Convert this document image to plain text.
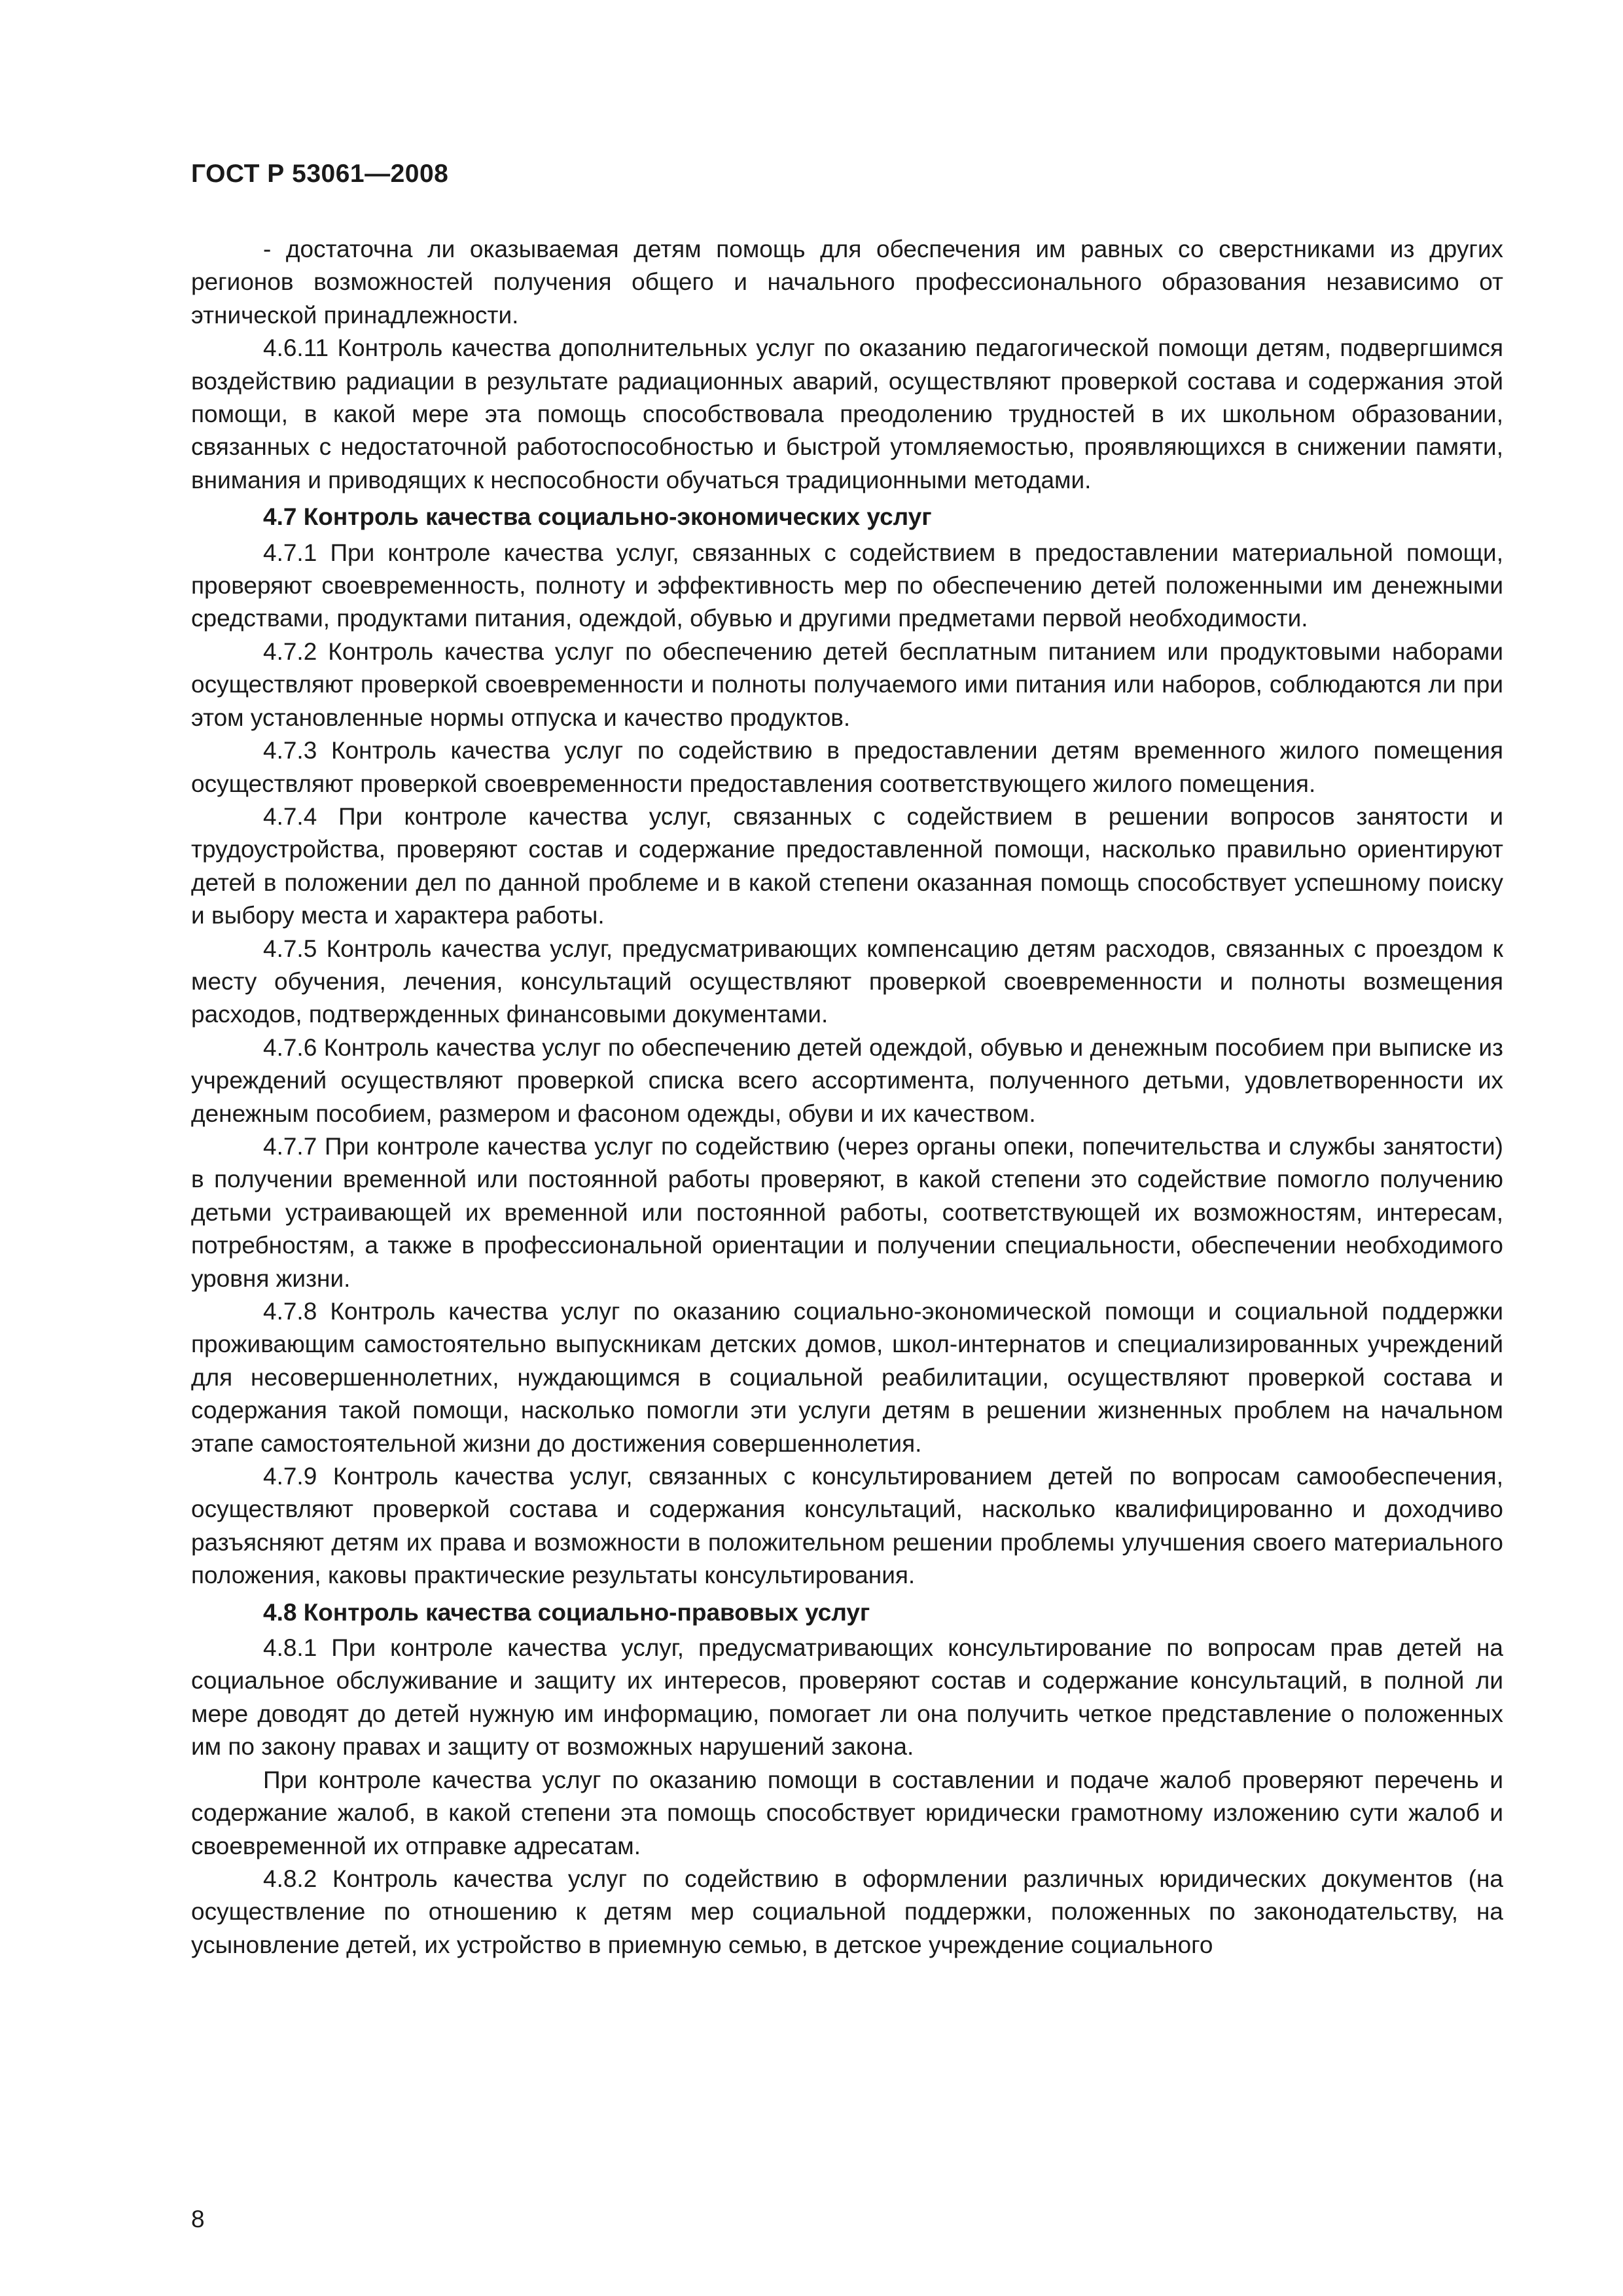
ГОСТ Р 53061—2008

- достаточна ли оказываемая детям помощь для обеспечения им равных со сверстниками из других регионов возможностей получения общего и начального профессионального образования независимо от этнической принадлежности.

4.6.11 Контроль качества дополнительных услуг по оказанию педагогической помощи детям, подвергшимся воздействию радиации в результате радиационных аварий, осуществляют проверкой состава и содержания этой помощи, в какой мере эта помощь способствовала преодолению трудностей в их школьном образовании, связанных с недостаточной работоспособностью и быстрой утомляемостью, проявляющихся в снижении памяти, внимания и приводящих к неспособности обучаться традиционными методами.

4.7 Контроль качества социально-экономических услуг

4.7.1 При контроле качества услуг, связанных с содействием в предоставлении материальной помощи, проверяют своевременность, полноту и эффективность мер по обеспечению детей положенными им денежными средствами, продуктами питания, одеждой, обувью и другими предметами первой необходимости.

4.7.2 Контроль качества услуг по обеспечению детей бесплатным питанием или продуктовыми наборами осуществляют проверкой своевременности и полноты получаемого ими питания или наборов, соблюдаются ли при этом установленные нормы отпуска и качество продуктов.

4.7.3 Контроль качества услуг по содействию в предоставлении детям временного жилого помещения осуществляют проверкой своевременности предоставления соответствующего жилого помещения.

4.7.4 При контроле качества услуг, связанных с содействием в решении вопросов занятости и трудоустройства, проверяют состав и содержание предоставленной помощи, насколько правильно ориентируют детей в положении дел по данной проблеме и в какой степени оказанная помощь способствует успешному поиску и выбору места и характера работы.

4.7.5 Контроль качества услуг, предусматривающих компенсацию детям расходов, связанных с проездом к месту обучения, лечения, консультаций осуществляют проверкой своевременности и полноты возмещения расходов, подтвержденных финансовыми документами.

4.7.6 Контроль качества услуг по обеспечению детей одеждой, обувью и денежным пособием при выписке из учреждений осуществляют проверкой списка всего ассортимента, полученного детьми, удовлетворенности их денежным пособием, размером и фасоном одежды, обуви и их качеством.

4.7.7 При контроле качества услуг по содействию (через органы опеки, попечительства и службы занятости) в получении временной или постоянной работы проверяют, в какой степени это содействие помогло получению детьми устраивающей их временной или постоянной работы, соответствующей их возможностям, интересам, потребностям, а также в профессиональной ориентации и получении специальности, обеспечении необходимого уровня жизни.

4.7.8 Контроль качества услуг по оказанию социально-экономической помощи и социальной поддержки проживающим самостоятельно выпускникам детских домов, школ-интернатов и специализированных учреждений для несовершеннолетних, нуждающимся в социальной реабилитации, осуществляют проверкой состава и содержания такой помощи, насколько помогли эти услуги детям в решении жизненных проблем на начальном этапе самостоятельной жизни до достижения совершеннолетия.

4.7.9 Контроль качества услуг, связанных с консультированием детей по вопросам самообеспечения, осуществляют проверкой состава и содержания консультаций, насколько квалифицированно и доходчиво разъясняют детям их права и возможности в положительном решении проблемы улучшения своего материального положения, каковы практические результаты консультирования.

4.8 Контроль качества социально-правовых услуг

4.8.1 При контроле качества услуг, предусматривающих консультирование по вопросам прав детей на социальное обслуживание и защиту их интересов, проверяют состав и содержание консультаций, в полной ли мере доводят до детей нужную им информацию, помогает ли она получить четкое представление о положенных им по закону правах и защиту от возможных нарушений закона.

При контроле качества услуг по оказанию помощи в составлении и подаче жалоб проверяют перечень и содержание жалоб, в какой степени эта помощь способствует юридически грамотному изложению сути жалоб и своевременной их отправке адресатам.

4.8.2 Контроль качества услуг по содействию в оформлении различных юридических документов (на осуществление по отношению к детям мер социальной поддержки, положенных по законодательству, на усыновление детей, их устройство в приемную семью, в детское учреждение социального

8
